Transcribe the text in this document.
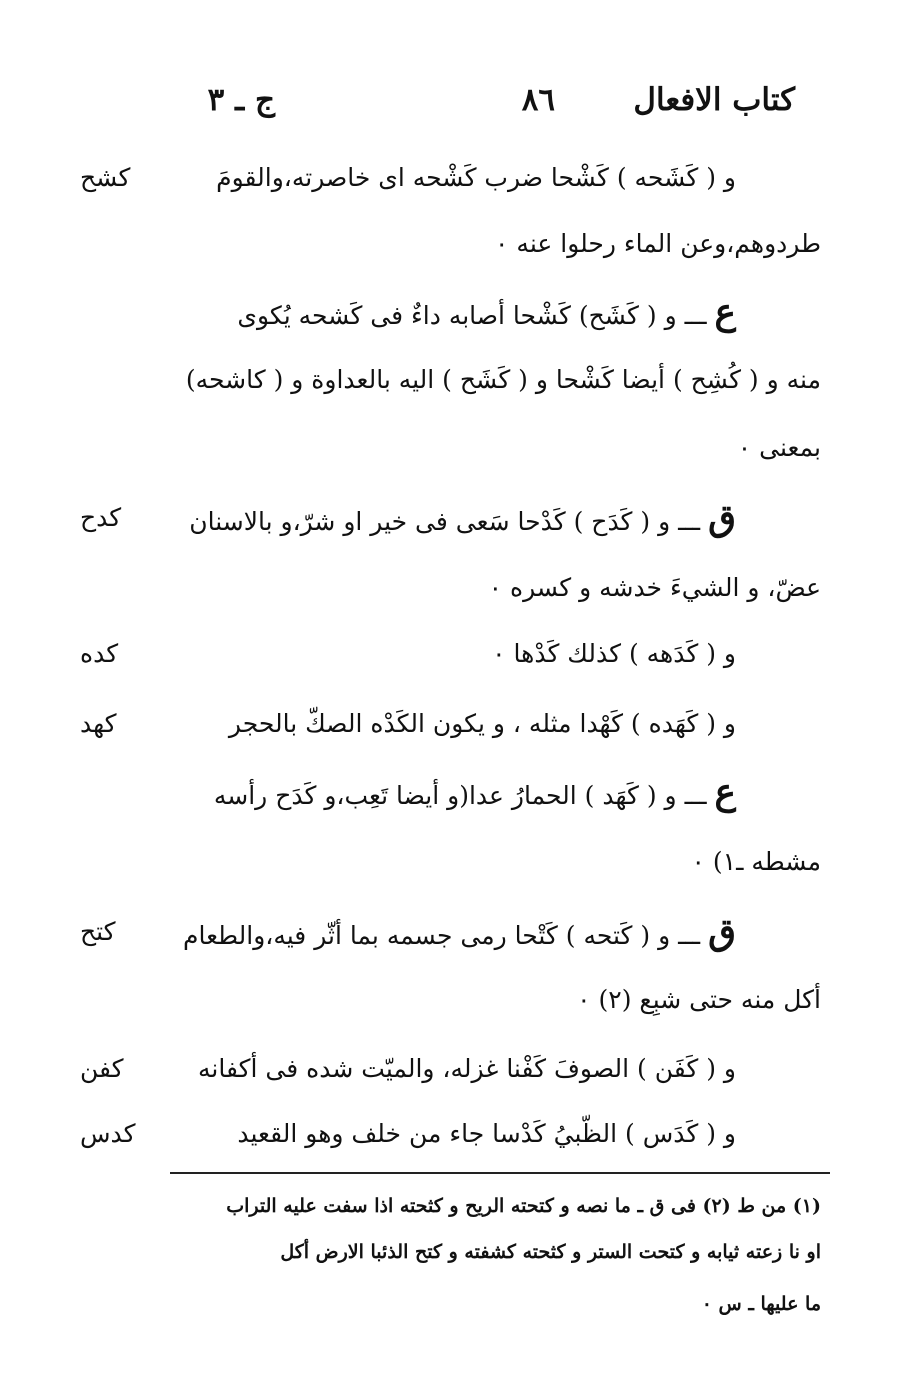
كتاب الافعال
٨٦
ج ـ ٣
كشح
كدح
كده
كهد
كتح
كفن
كدس
و ( كَشَحه ) كَشْحا ضرب كَشْحه اى خاصرته،والقومَ
طردوهم،وعن الماء رحلوا عنه ٠
ع ـــ و ( كَشَح) كَشْحا أصابه داءٌ فى كَشحه يُكوى
منه و ( كُشِح ) أيضا كَشْحا و ( كَشَح ) اليه بالعداوة و ( كاشحه)
بمعنى ٠
ق ـــ و ( كَدَح ) كَدْحا سَعى فى خير او شرّ،و بالاسنان
عضّ، و الشيءَ خدشه و كسره ٠
و ( كَدَهه ) كذلك كَدْها ٠
و ( كَهَده ) كَهْدا مثله ، و يكون الكَدْه الصكّ بالحجر
ع ـــ و ( كَهَد ) الحمارُ عدا(و أيضا تَعِب،و كَدَح رأسه
مشطه ـ١) ٠
ق ـــ و ( كَتحه ) كَتْحا رمى جسمه بما أثّر فيه،والطعام
أكل منه حتى شبِع (٢) ٠
و ( كَفَن ) الصوفَ كَفْنا غزله، والميّت شده فى أكفانه
و ( كَدَس ) الظّبيُ كَدْسا جاء من خلف وهو القعيد
(١) من ط (٢) فى ق ـ ما نصه و كتحته الريح و كثحته اذا سفت عليه التراب
او نا زعته ثيابه و كتحت الستر و كثحته كشفته و كتح الذئبا الارض أكل
ما عليها ـ س ٠
